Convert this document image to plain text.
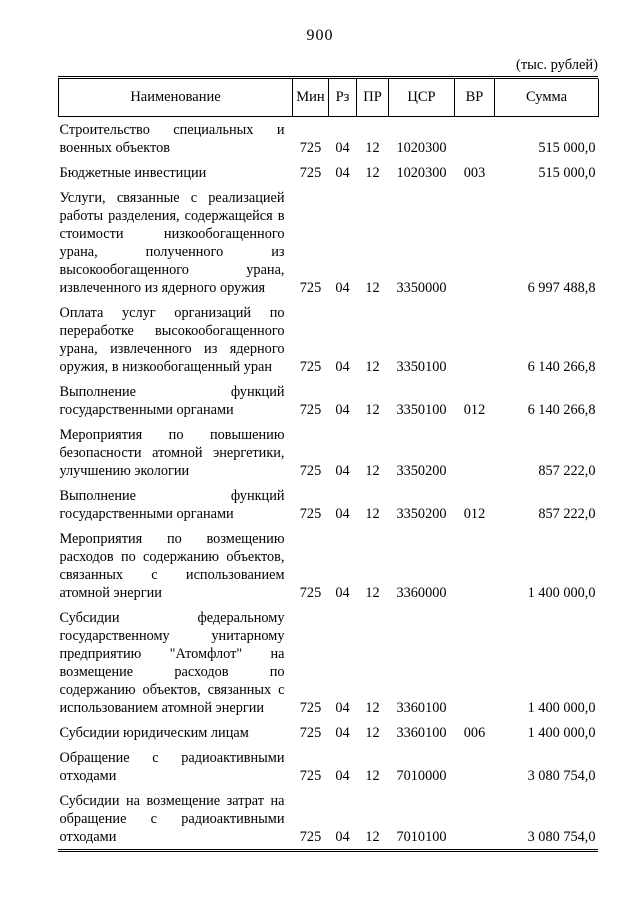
900
(тыс. рублей)
Наименование	Мин	Рз	ПР	ЦСР	ВР	Сумма
Строительство специальных и военных объектов	725	04	12	1020300		515 000,0
Бюджетные инвестиции	725	04	12	1020300	003	515 000,0
Услуги, связанные с реализацией работы разделения, содержащейся в стоимости низкообогащенного урана, полученного из высокообогащенного урана, извлеченного из ядерного оружия	725	04	12	3350000		6 997 488,8
Оплата услуг организаций по переработке высокообогащенного урана, извлеченного из ядерного оружия, в низкообогащенный уран	725	04	12	3350100		6 140 266,8
Выполнение функций государственными органами	725	04	12	3350100	012	6 140 266,8
Мероприятия по повышению безопасности атомной энергетики, улучшению экологии	725	04	12	3350200		857 222,0
Выполнение функций государственными органами	725	04	12	3350200	012	857 222,0
Мероприятия по возмещению расходов по содержанию объектов, связанных с использованием атомной энергии	725	04	12	3360000		1 400 000,0
Субсидии федеральному государственному унитарному предприятию "Атомфлот" на возмещение расходов по содержанию объектов, связанных с использованием атомной энергии	725	04	12	3360100		1 400 000,0
Субсидии юридическим лицам	725	04	12	3360100	006	1 400 000,0
Обращение с радиоактивными отходами	725	04	12	7010000		3 080 754,0
Субсидии на возмещение затрат на обращение с радиоактивными отходами	725	04	12	7010100		3 080 754,0
